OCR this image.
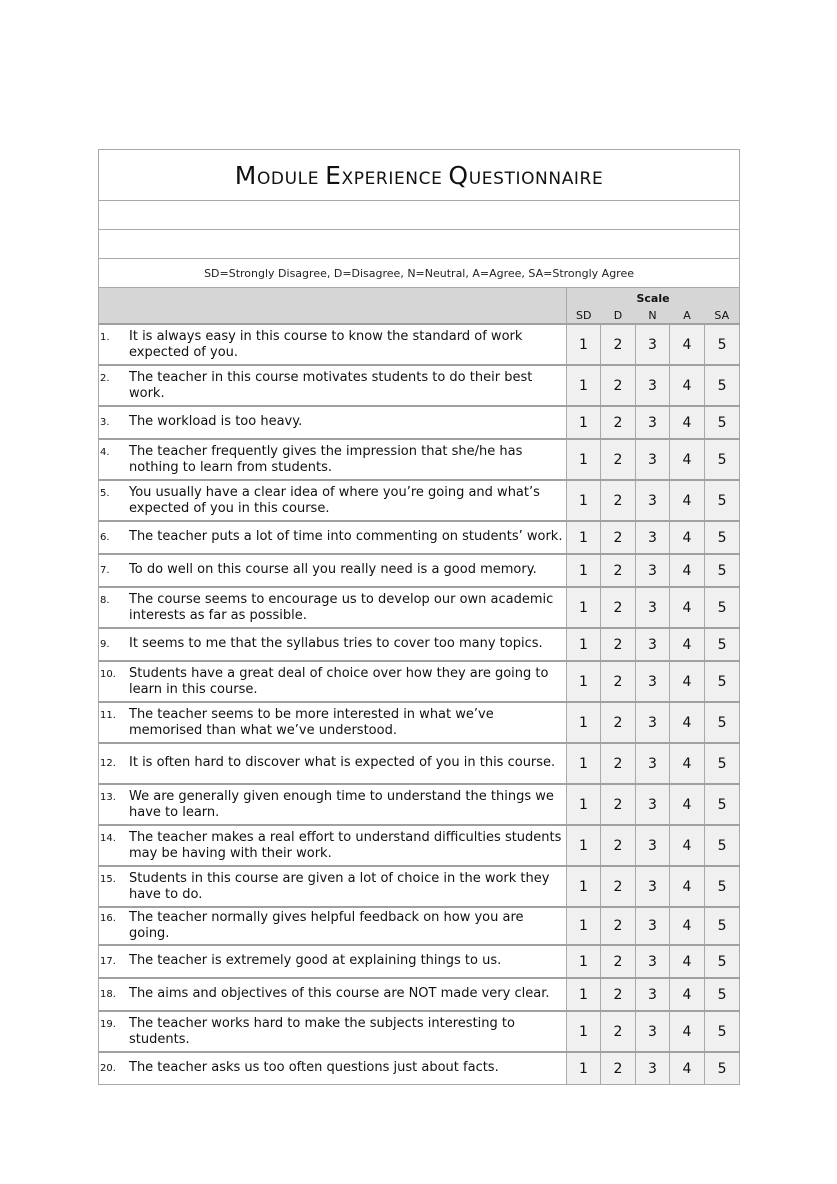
MODULE EXPERIENCE QUESTIONNAIRE					

SD=Strongly Disagree, D=Disagree, N=Neutral, A=Agree, SA=Strongly Agree					
	Scale				
	SD	D	N	A	SA

1. It is always easy in this course to know the standard of work expected of you.	1	2	3	4	5

2. The teacher in this course motivates students to do their best work.	1	2	3	4	5

3. The workload is too heavy.	1	2	3	4	5

4. The teacher frequently gives the impression that she/he has nothing to learn from students.	1	2	3	4	5

5. You usually have a clear idea of where you’re going and what’s expected of you in this course.	1	2	3	4	5

6. The teacher puts a lot of time into commenting on students’ work.	1	2	3	4	5

7. To do well on this course all you really need is a good memory.	1	2	3	4	5

8. The course seems to encourage us to develop our own academic interests as far as possible.	1	2	3	4	5

9. It seems to me that the syllabus tries to cover too many topics.	1	2	3	4	5

10. Students have a great deal of choice over how they are going to learn in this course.	1	2	3	4	5

11. The teacher seems to be more interested in what we’ve memorised than what we’ve understood.	1	2	3	4	5

12. It is often hard to discover what is expected of you in this course.	1	2	3	4	5

13. We are generally given enough time to understand the things we have to learn.	1	2	3	4	5

14. The teacher makes a real effort to understand difficulties students may be having with their work.	1	2	3	4	5

15. Students in this course are given a lot of choice in the work they have to do.	1	2	3	4	5

16. The teacher normally gives helpful feedback on how you are going.	1	2	3	4	5

17. The teacher is extremely good at explaining things to us.	1	2	3	4	5

18. The aims and objectives of this course are NOT made very clear.	1	2	3	4	5

19. The teacher works hard to make the subjects interesting to students.	1	2	3	4	5

20. The teacher asks us too often questions just about facts.	1	2	3	4	5
